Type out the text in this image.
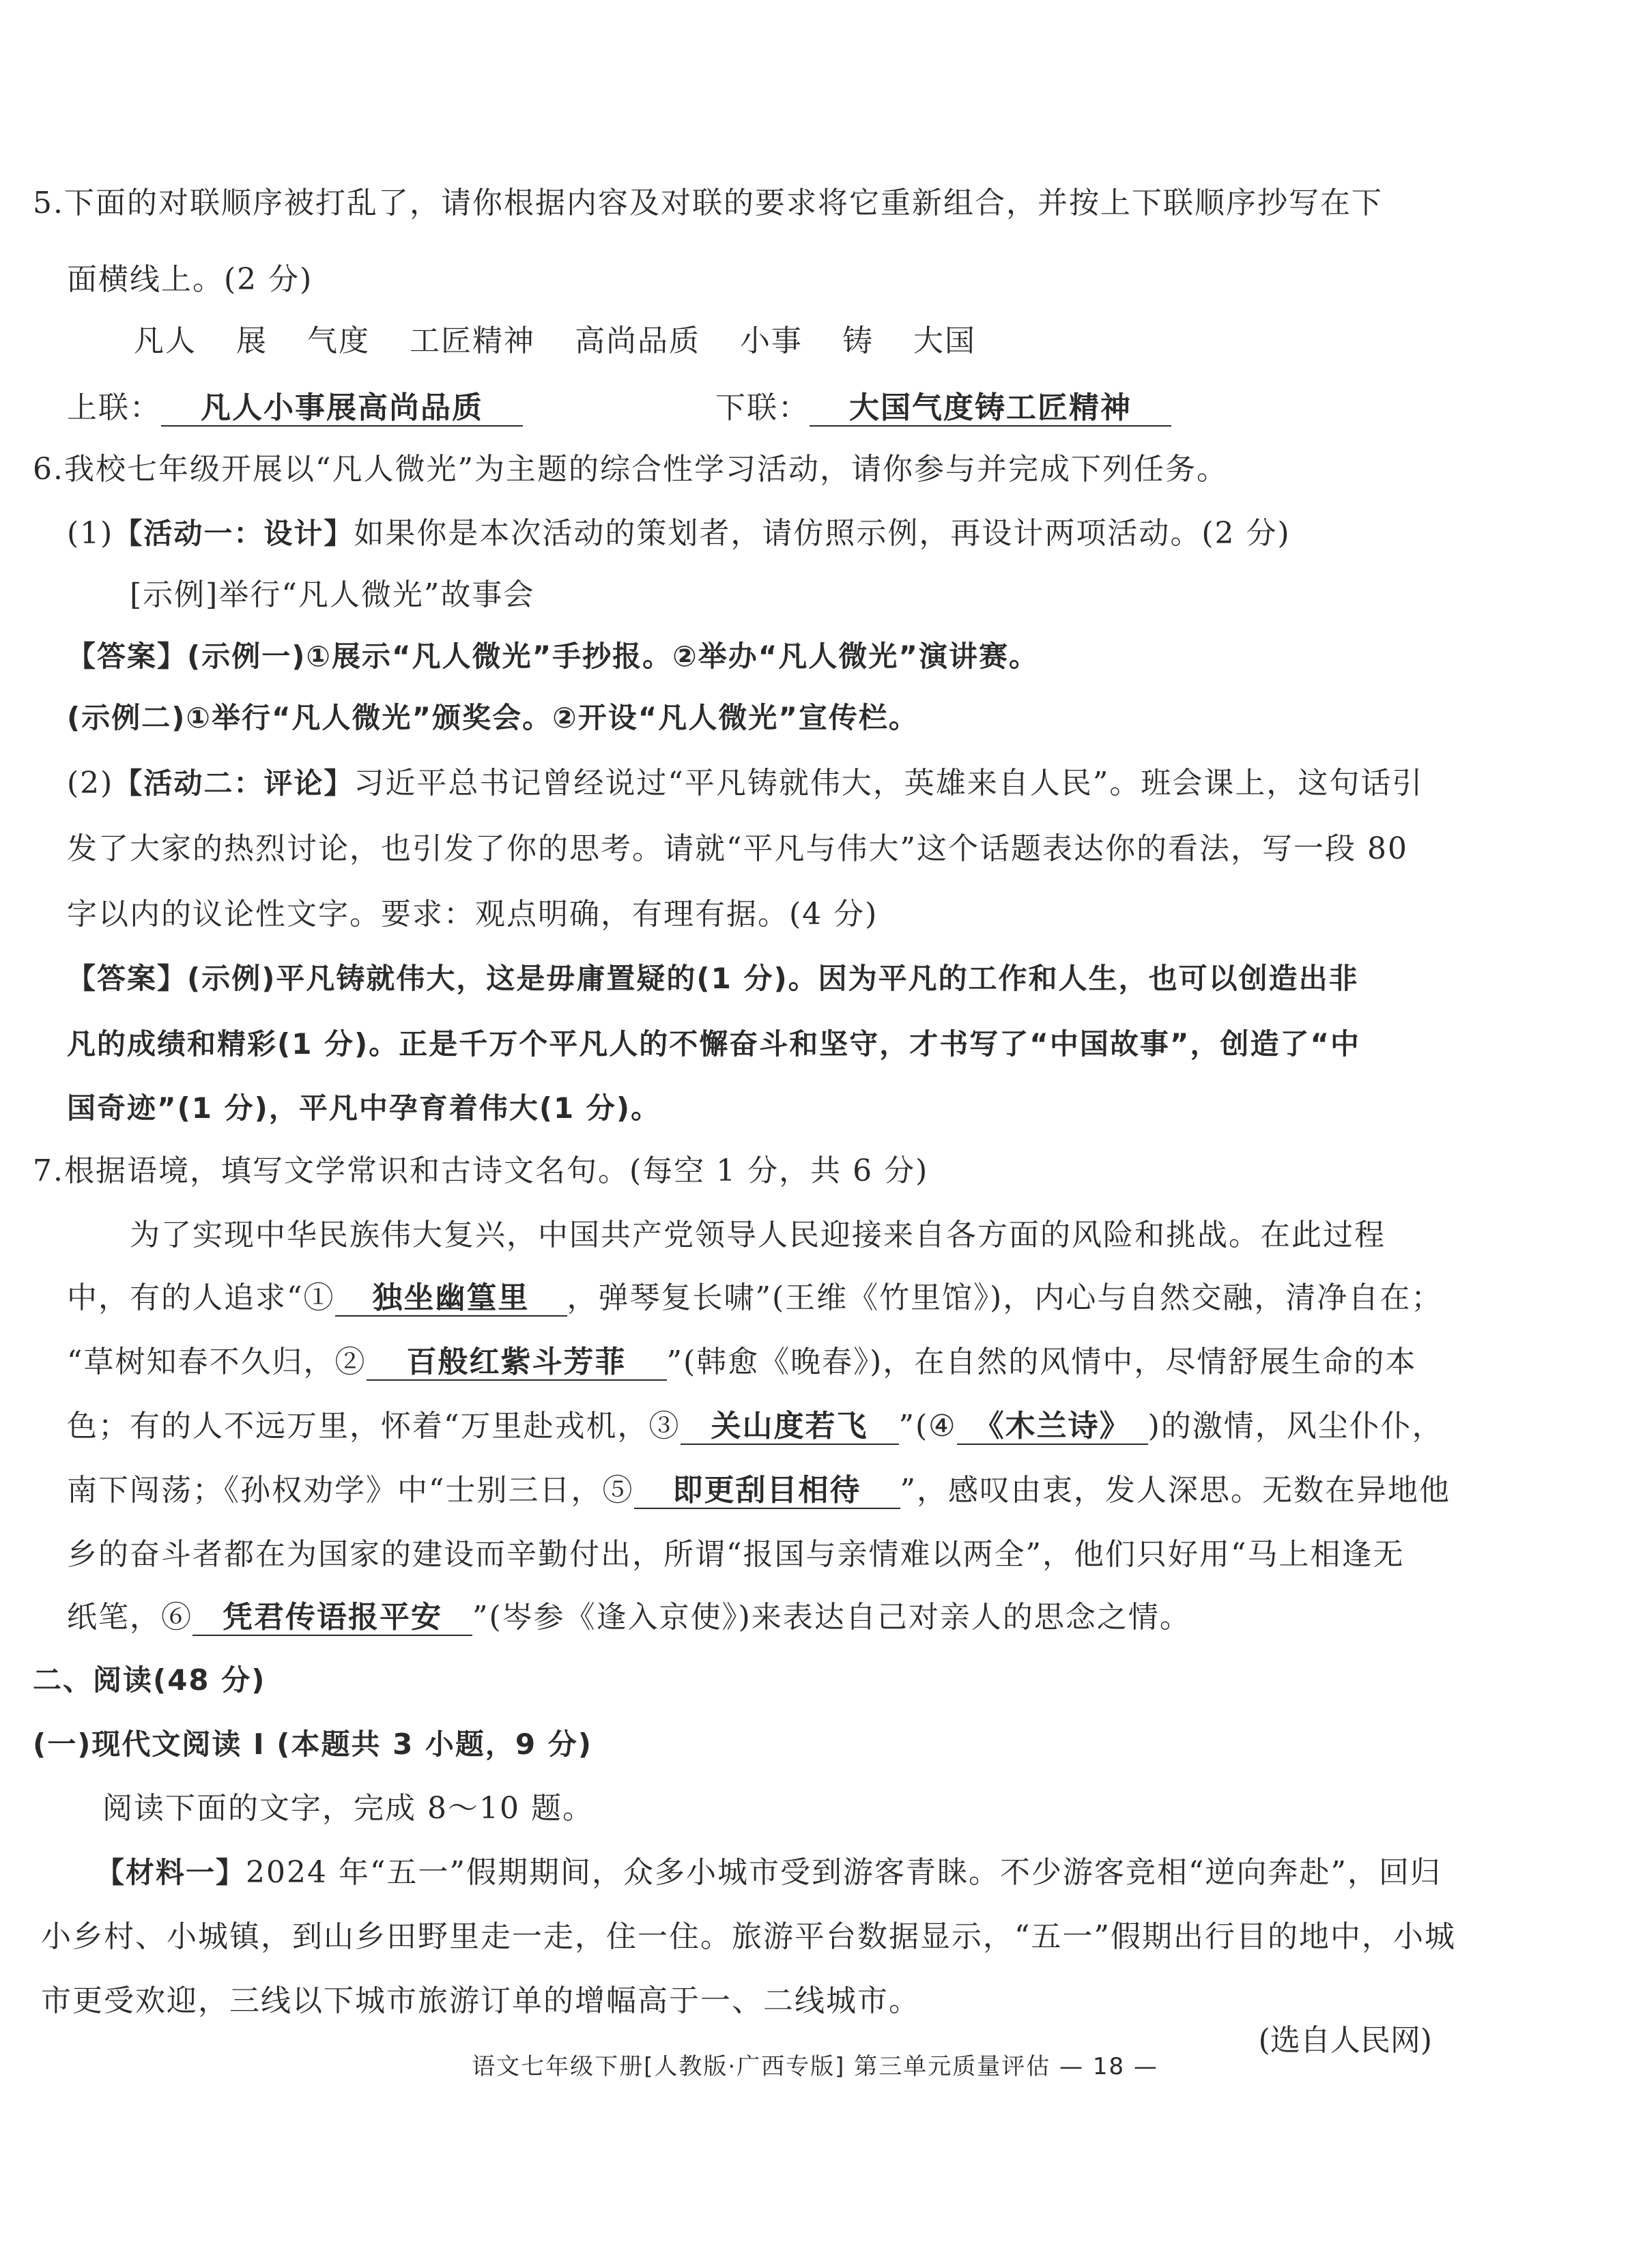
5.下面的对联顺序被打乱了，请你根据内容及对联的要求将它重新组合，并按上下联顺序抄写在下
面横线上。(2 分)
凡人 展 气度 工匠精神 高尚品质 小事 铸 大国
上联： 凡人小事展高尚品质	下联： 大国气度铸工匠精神
6.我校七年级开展以“凡人微光”为主题的综合性学习活动，请你参与并完成下列任务。
(1)【活动一：设计】如果你是本次活动的策划者，请仿照示例，再设计两项活动。(2 分)
[示例]举行“凡人微光”故事会
【答案】(示例一)①展示“凡人微光”手抄报。②举办“凡人微光”演讲赛。
(示例二)①举行“凡人微光”颁奖会。②开设“凡人微光”宣传栏。
(2)【活动二：评论】习近平总书记曾经说过“平凡铸就伟大，英雄来自人民”。班会课上，这句话引
发了大家的热烈讨论，也引发了你的思考。请就“平凡与伟大”这个话题表达你的看法，写一段 80
字以内的议论性文字。要求：观点明确，有理有据。(4 分)
【答案】(示例)平凡铸就伟大，这是毋庸置疑的(1 分)。因为平凡的工作和人生，也可以创造出非
凡的成绩和精彩(1 分)。正是千万个平凡人的不懈奋斗和坚守，才书写了“中国故事”，创造了“中
国奇迹”(1 分)，平凡中孕育着伟大(1 分)。
7.根据语境，填写文学常识和古诗文名句。(每空 1 分，共 6 分)
为了实现中华民族伟大复兴，中国共产党领导人民迎接来自各方面的风险和挑战。在此过程
中，有的人追求“① 独坐幽篁里 ，弹琴复长啸”(王维《竹里馆》)，内心与自然交融，清净自在；
“草树知春不久归，② 百般红紫斗芳菲 ”(韩愈《晚春》)，在自然的风情中，尽情舒展生命的本
色；有的人不远万里，怀着“万里赴戎机，③ 关山度若飞 ”(④ 《木兰诗》 )的激情，风尘仆仆，
南下闯荡；《孙权劝学》中“士别三日，⑤ 即更刮目相待 ”，感叹由衷，发人深思。无数在异地他
乡的奋斗者都在为国家的建设而辛勤付出，所谓“报国与亲情难以两全”，他们只好用“马上相逢无
纸笔，⑥ 凭君传语报平安 ”(岑参《逢入京使》)来表达自己对亲人的思念之情。
二、阅读(48 分)
(一)现代文阅读 Ⅰ (本题共 3 小题，9 分)
阅读下面的文字，完成 8～10 题。
【材料一】2024 年“五一”假期期间，众多小城市受到游客青睐。不少游客竞相“逆向奔赴”，回归
小乡村、小城镇，到山乡田野里走一走，住一住。旅游平台数据显示，“五一”假期出行目的地中，小城
市更受欢迎，三线以下城市旅游订单的增幅高于一、二线城市。
(选自人民网)
语文七年级下册[人教版·广西专版] 第三单元质量评估 — 18 —
